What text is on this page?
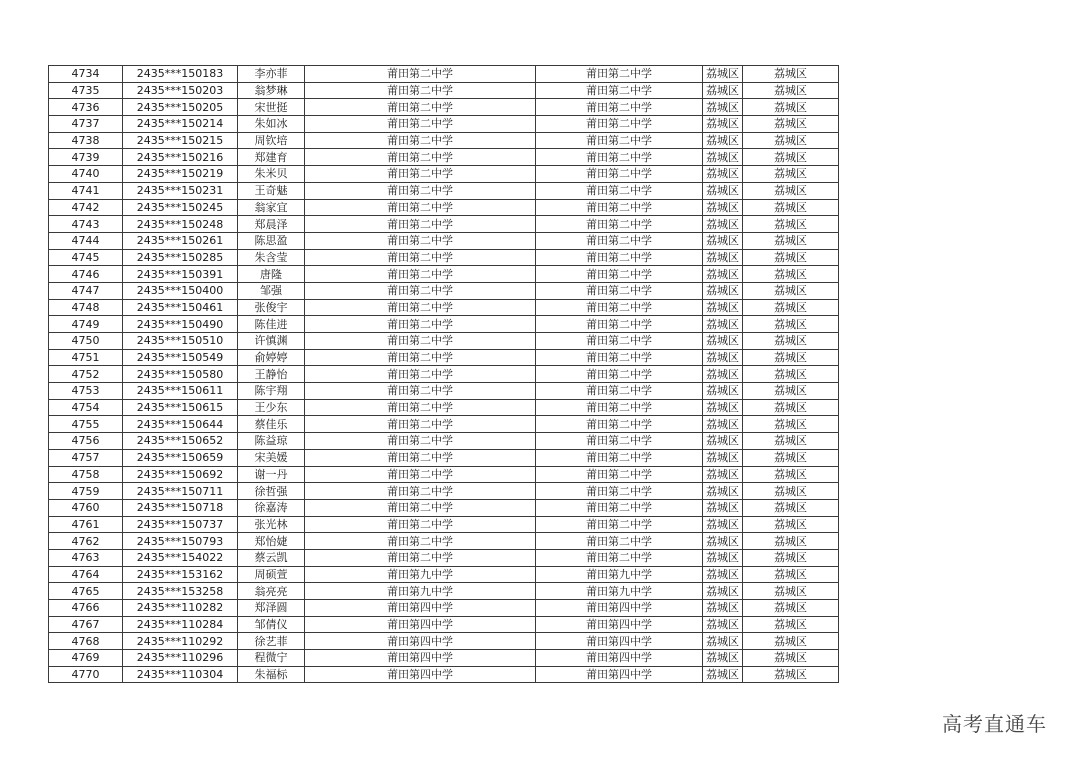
4734	2435***150183	李亦菲	莆田第二中学	莆田第二中学	荔城区	荔城区
4735	2435***150203	翁梦琳	莆田第二中学	莆田第二中学	荔城区	荔城区
4736	2435***150205	宋世挺	莆田第二中学	莆田第二中学	荔城区	荔城区
4737	2435***150214	朱如冰	莆田第二中学	莆田第二中学	荔城区	荔城区
4738	2435***150215	周钦培	莆田第二中学	莆田第二中学	荔城区	荔城区
4739	2435***150216	郑建育	莆田第二中学	莆田第二中学	荔城区	荔城区
4740	2435***150219	朱米贝	莆田第二中学	莆田第二中学	荔城区	荔城区
4741	2435***150231	王奇魅	莆田第二中学	莆田第二中学	荔城区	荔城区
4742	2435***150245	翁家宜	莆田第二中学	莆田第二中学	荔城区	荔城区
4743	2435***150248	郑晨泽	莆田第二中学	莆田第二中学	荔城区	荔城区
4744	2435***150261	陈思盈	莆田第二中学	莆田第二中学	荔城区	荔城区
4745	2435***150285	朱含莹	莆田第二中学	莆田第二中学	荔城区	荔城区
4746	2435***150391	唐隆	莆田第二中学	莆田第二中学	荔城区	荔城区
4747	2435***150400	邹强	莆田第二中学	莆田第二中学	荔城区	荔城区
4748	2435***150461	张俊宇	莆田第二中学	莆田第二中学	荔城区	荔城区
4749	2435***150490	陈佳进	莆田第二中学	莆田第二中学	荔城区	荔城区
4750	2435***150510	许慎渊	莆田第二中学	莆田第二中学	荔城区	荔城区
4751	2435***150549	俞婷婷	莆田第二中学	莆田第二中学	荔城区	荔城区
4752	2435***150580	王静怡	莆田第二中学	莆田第二中学	荔城区	荔城区
4753	2435***150611	陈宇翔	莆田第二中学	莆田第二中学	荔城区	荔城区
4754	2435***150615	王少东	莆田第二中学	莆田第二中学	荔城区	荔城区
4755	2435***150644	蔡佳乐	莆田第二中学	莆田第二中学	荔城区	荔城区
4756	2435***150652	陈益琼	莆田第二中学	莆田第二中学	荔城区	荔城区
4757	2435***150659	宋美媛	莆田第二中学	莆田第二中学	荔城区	荔城区
4758	2435***150692	谢一丹	莆田第二中学	莆田第二中学	荔城区	荔城区
4759	2435***150711	徐哲强	莆田第二中学	莆田第二中学	荔城区	荔城区
4760	2435***150718	徐嘉涛	莆田第二中学	莆田第二中学	荔城区	荔城区
4761	2435***150737	张光林	莆田第二中学	莆田第二中学	荔城区	荔城区
4762	2435***150793	郑怡婕	莆田第二中学	莆田第二中学	荔城区	荔城区
4763	2435***154022	蔡云凯	莆田第二中学	莆田第二中学	荔城区	荔城区
4764	2435***153162	周硕萱	莆田第九中学	莆田第九中学	荔城区	荔城区
4765	2435***153258	翁亮亮	莆田第九中学	莆田第九中学	荔城区	荔城区
4766	2435***110282	郑泽圆	莆田第四中学	莆田第四中学	荔城区	荔城区
4767	2435***110284	邹倩仪	莆田第四中学	莆田第四中学	荔城区	荔城区
4768	2435***110292	徐艺菲	莆田第四中学	莆田第四中学	荔城区	荔城区
4769	2435***110296	程微宁	莆田第四中学	莆田第四中学	荔城区	荔城区
4770	2435***110304	朱福标	莆田第四中学	莆田第四中学	荔城区	荔城区
高考直通车
